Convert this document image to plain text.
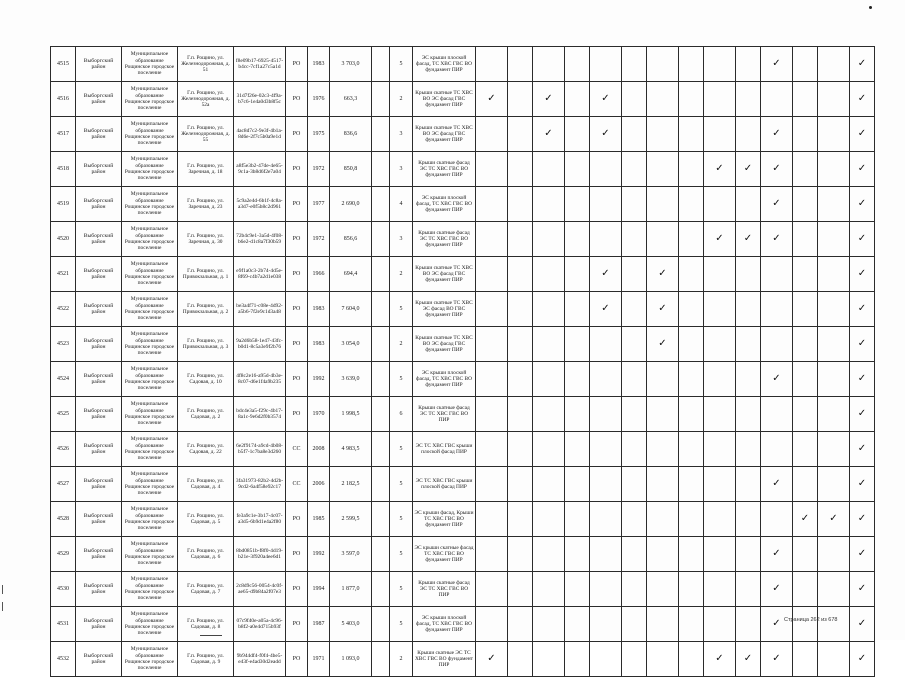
4515	Выборгский район	Муниципальное образование Рощинское городское поселение	Г.п. Рощино, ул. Железнодорожная, д. 51	f8e09b17-6925-4517-b4cc-7cf1a27c5a1d	РО	1983	3 703,0		5	ЭС крыши плоской фасад, ТС ХВС ГВС ВО фундамент ПИР											✓			✓
4516	Выборгский район	Муниципальное образование Рощинское городское поселение	Г.п. Рощино, ул. Железнодорожная, д. 52а	31d7f26e-02c3-4f9a-b7c6-1e4a0d3b8f5c	РО	1976	663,3		2	Крыши скатные ТС ХВС ВО ЭС фасад ГВС фундамент ПИР	✓		✓		✓									✓
4517	Выборгский район	Муниципальное образование Рощинское городское поселение	Г.п. Рощино, ул. Железнодорожная, д. 55	4ac8d7c2-9e3f-4b1a-8d6e-2f7c5b0a9e1d	РО	1975	836,6		3	Крыши скатные ТС ХВС ВО ЭС фасад ГВС фундамент ПИР			✓		✓						✓			✓
4518	Выборгский район	Муниципальное образование Рощинское городское поселение	Г.п. Рощино, ул. Заречная, д. 18	a8f5e3b2-47de-4e65-9c1a-3b8d6f2e7a04	РО	1972	850,8		3	Крыши скатные фасад ЭС ТС ХВС ГВС ВО фундамент ПИР									✓	✓	✓			✓
4519	Выборгский район	Муниципальное образование Рощинское городское поселение	Г.п. Рощино, ул. Заречная, д. 23	5c9a2e4d-6b1f-4c8a-a3d7-e0f5b8c2d961	РО	1977	2 690,0		4	ЭС крыши плоской фасад, ТС ХВС ГВС ВО фундамент ПИР											✓			✓
4520	Выборгский район	Муниципальное образование Рощинское городское поселение	Г.п. Рощино, ул. Заречная, д. 30	72b4c9e1-3a5d-4f08-b6e2-d1c8a7f30b59	РО	1972	856,6		3	Крыши скатные фасад ЭС ТС ХВС ГВС ВО фундамент ПИР									✓	✓	✓			✓
4521	Выборгский район	Муниципальное образование Рощинское городское поселение	Г.п. Рощино, ул. Привокзальная, д. 1	e9f1a0c3-2b74-4d5e-8f69-c4b7a2d1e038	РО	1966	694,4		2	Крыши скатные ТС ХВС ВО ЭС фасад ГВС фундамент ПИР					✓		✓							✓
4522	Выборгский район	Муниципальное образование Рощинское городское поселение	Г.п. Рощино, ул. Привокзальная, д. 2	be3a4f71-c08e-4d92-a5b6-7f2e9c1d3a48	РО	1983	7 604,0		5	Крыши скатные ТС ХВС ЭС фасад ВО ГВС фундамент ПИР					✓		✓							✓
4523	Выборгский район	Муниципальное образование Рощинское городское поселение	Г.п. Рощино, ул. Привокзальная, д. 3	9a2d6b58-1e47-43fc-b0d1-8c5a3e9f2b76	РО	1983	3 054,0		2	Крыши скатные ТС ХВС ВО ЭС фасад ГВС фундамент ПИР							✓							✓
4524	Выборгский район	Муниципальное образование Рощинское городское поселение	Г.п. Рощино, ул. Садовая, д. 10	4f8c2e16-a95d-4b3e-8c07-d6e1f4a9b235	РО	1992	3 639,0		5	ЭС крыши плоской фасад, ТС ХВС ГВС ВО фундамент ПИР											✓			✓
4525	Выборгский район	Муниципальное образование Рощинское городское поселение	Г.п. Рощино, ул. Садовая, д. 2	bdc4e3a5-f29c-4b17-8a1c-9e6d2f0b3574	РО	1970	1 998,5		6	Крыши скатные фасад ЭС ТС ХВС ГВС ВО ПИР														✓
4526	Выборгский район	Муниципальное образование Рощинское городское поселение	Г.п. Рощино, ул. Садовая, д. 22	6e2f9174-a9cd-4b08-b5f7-1c7ba8e3d260	СС	2008	4 983,5		5	ЭС ТС ХВС ГВС крыши плоской фасад ПИР														✓
4527	Выборгский район	Муниципальное образование Рощинское городское поселение	Г.п. Рощино, ул. Садовая, д. 4	3fa31973-82b2-4d2b-9cd2-6a4f58e92c17	СС	2006	2 182,5		5	ЭС ТС ХВС ГВС крыши плоской фасад ПИР											✓			✓
4528	Выборгский район	Муниципальное образование Рощинское городское поселение	Г.п. Рощино, ул. Садовая, д. 5	fe3a9c1e-3b17-4c07-a3d5-6b9d1e4a2f80	РО	1985	2 599,5		5	ЭС крыши фасад, Крыши ТС ХВС ГВС ВО фундамент ПИР												✓	✓	✓
4529	Выборгский район	Муниципальное образование Рощинское городское поселение	Г.п. Рощино, ул. Садовая, д. 6	8bd0851b-f8f0-4d19-b21e-3f920a4ee6d1	РО	1992	3 597,0		5	ЭС крыши скатные фасад ТС ХВС ГВС ВО фундамент ПИР											✓			✓
4530	Выборгский район	Муниципальное образование Рощинское городское поселение	Г.п. Рощино, ул. Садовая, д. 7	2c8d9c56-0054-4c0f-ae65-d9b84a2f07e3	РО	1994	1 877,0		5	Крыши скатные фасад ЭС ТС ХВС ГВС ВО ПИР											✓			✓
4531	Выборгский район	Муниципальное образование Рощинское городское поселение	Г.п. Рощино, ул. Садовая, д. 8	07c9f40e-a05a-4c96-b8f2-a0e4d715b93f	РО	1987	5 403,0		5	ЭС крыши плоской фасад, ТС ХВС ГВС ВО фундамент ПИР											✓			✓
4532	Выборгский район	Муниципальное образование Рощинское городское поселение	Г.п. Рощино, ул. Садовая, д. 9	9b944df4-f0f4-4be5-e43f-e4ad30d2eadd	РО	1971	1 093,0		2	Крыши скатные ЭС ТС ХВС ГВС ВО фундамент ПИР	✓								✓	✓	✓			✓
Страница 262 из 678
